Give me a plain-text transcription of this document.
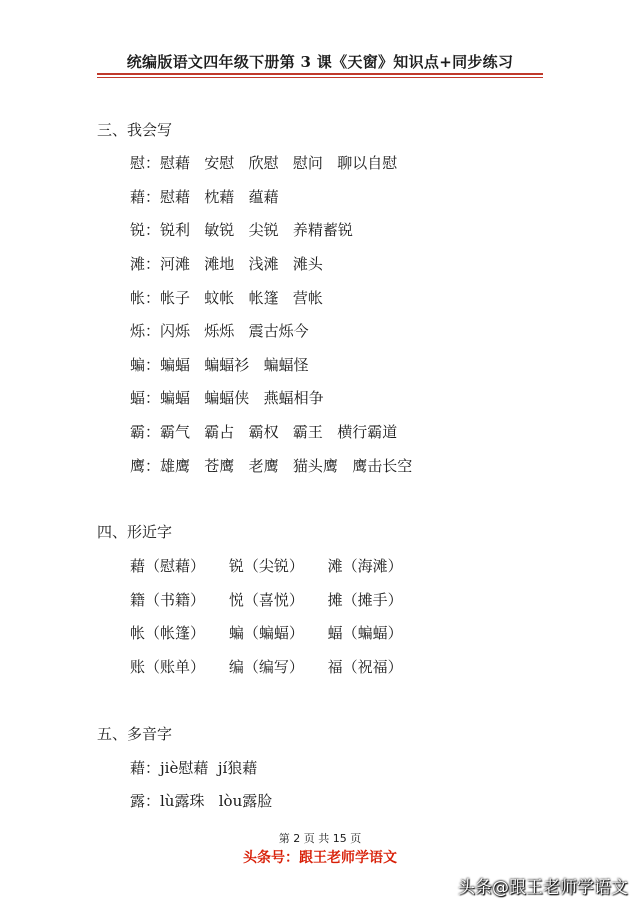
统编版语文四年级下册第 3 课《天窗》知识点+同步练习
三、我会写
慰：慰藉   安慰   欣慰   慰问   聊以自慰
藉：慰藉   枕藉   蕴藉
锐：锐利   敏锐   尖锐   养精蓄锐
滩：河滩   滩地   浅滩   滩头
帐：帐子   蚊帐   帐篷   营帐
烁：闪烁   烁烁   震古烁今
蝙：蝙蝠   蝙蝠衫   蝙蝠怪
蝠：蝙蝠   蝙蝠侠   燕蝠相争
霸：霸气   霸占   霸权   霸王   横行霸道
鹰：雄鹰   苍鹰   老鹰   猫头鹰   鹰击长空
四、形近字
藉（慰藉）     锐（尖锐）     滩（海滩）
籍（书籍）     悦（喜悦）     摊（摊手）
帐（帐篷）     蝙（蝙蝠）     蝠（蝙蝠）
账（账单）     编（编写）     福（祝福）
五、多音字
藉：jiè慰藉  jí狼藉
露：lù露珠   lòu露脸
第 2 页 共 15 页
头条号：跟王老师学语文
头条@跟王老师学语文
